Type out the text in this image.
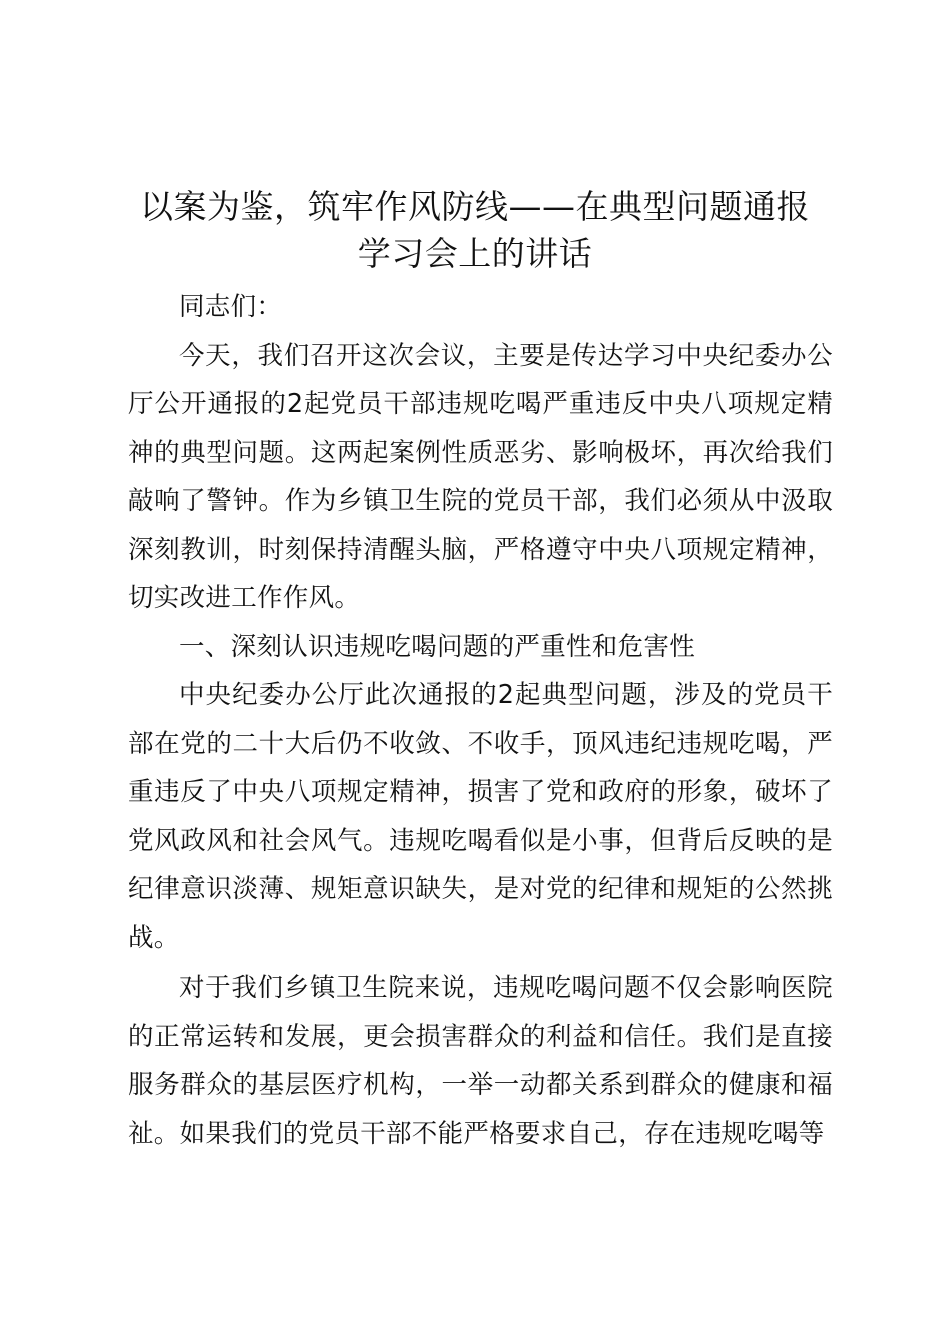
以案为鉴，筑牢作风防线——在典型问题通报
学习会上的讲话

同志们：

今天，我们召开这次会议，主要是传达学习中央纪委办公厅公开通报的2起党员干部违规吃喝严重违反中央八项规定精神的典型问题。这两起案例性质恶劣、影响极坏，再次给我们敲响了警钟。作为乡镇卫生院的党员干部，我们必须从中汲取深刻教训，时刻保持清醒头脑，严格遵守中央八项规定精神，切实改进工作作风。

一、深刻认识违规吃喝问题的严重性和危害性

中央纪委办公厅此次通报的2起典型问题，涉及的党员干部在党的二十大后仍不收敛、不收手，顶风违纪违规吃喝，严重违反了中央八项规定精神，损害了党和政府的形象，破坏了党风政风和社会风气。违规吃喝看似是小事，但背后反映的是纪律意识淡薄、规矩意识缺失，是对党的纪律和规矩的公然挑战。

对于我们乡镇卫生院来说，违规吃喝问题不仅会影响医院的正常运转和发展，更会损害群众的利益和信任。我们是直接服务群众的基层医疗机构，一举一动都关系到群众的健康和福祉。如果我们的党员干部不能严格要求自己，存在违规吃喝等
